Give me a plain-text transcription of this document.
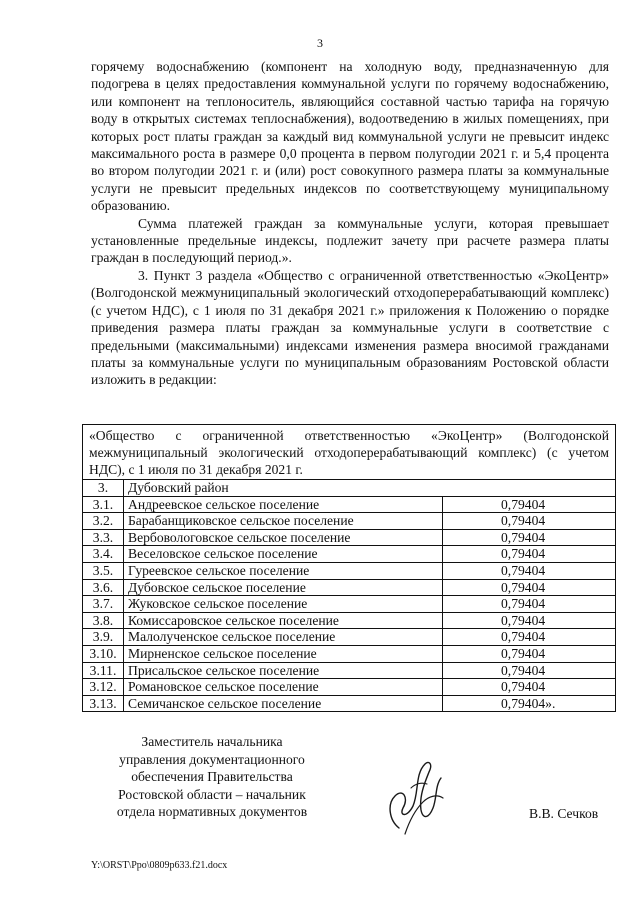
3

горячему водоснабжению (компонент на холодную воду, предназначенную для подогрева в целях предоставления коммунальной услуги по горячему водоснабжению, или компонент на теплоноситель, являющийся составной частью тарифа на горячую воду в открытых системах теплоснабжения), водоотведению в жилых помещениях, при которых рост платы граждан за каждый вид коммунальной услуги не превысит индекс максимального роста в размере 0,0 процента в первом полугодии 2021 г. и 5,4 процента во втором полугодии 2021 г. и (или) рост совокупного размера платы за коммунальные услуги не превысит предельных индексов по соответствующему муниципальному образованию.

Сумма платежей граждан за коммунальные услуги, которая превышает установленные предельные индексы, подлежит зачету при расчете размера платы граждан в последующий период.».

3. Пункт 3 раздела «Общество с ограниченной ответственностью «ЭкоЦентр» (Волгодонской межмуниципальный экологический отходоперерабатывающий комплекс) (с учетом НДС), с 1 июля по 31 декабря 2021 г.» приложения к Положению о порядке приведения размера платы граждан за коммунальные услуги в соответствие с предельными (максимальными) индексами изменения размера вносимой гражданами платы за коммунальные услуги по муниципальным образованиям Ростовской области изложить в редакции:

«Общество с ограниченной ответственностью «ЭкоЦентр» (Волгодонской межмуниципальный экологический отходоперерабатывающий комплекс) (с учетом НДС), с 1 июля по 31 декабря 2021 г.		
3.	Дубовский район	
3.1.	Андреевское сельское поселение	0,79404
3.2.	Барабанщиковское сельское поселение	0,79404
3.3.	Вербовологовское сельское поселение	0,79404
3.4.	Веселовское сельское поселение	0,79404
3.5.	Гуреевское сельское поселение	0,79404
3.6.	Дубовское сельское поселение	0,79404
3.7.	Жуковское сельское поселение	0,79404
3.8.	Комиссаровское сельское поселение	0,79404
3.9.	Малолученское сельское поселение	0,79404
3.10.	Мирненское сельское поселение	0,79404
3.11.	Присальское сельское поселение	0,79404
3.12.	Романовское сельское поселение	0,79404
3.13.	Семичанское сельское поселение	0,79404».
Заместитель начальника
управления документационного
обеспечения Правительства
Ростовской области – начальник
отдела нормативных документов	В.В. Сечков
Y:\ORST\Ppo\0809p633.f21.docx
